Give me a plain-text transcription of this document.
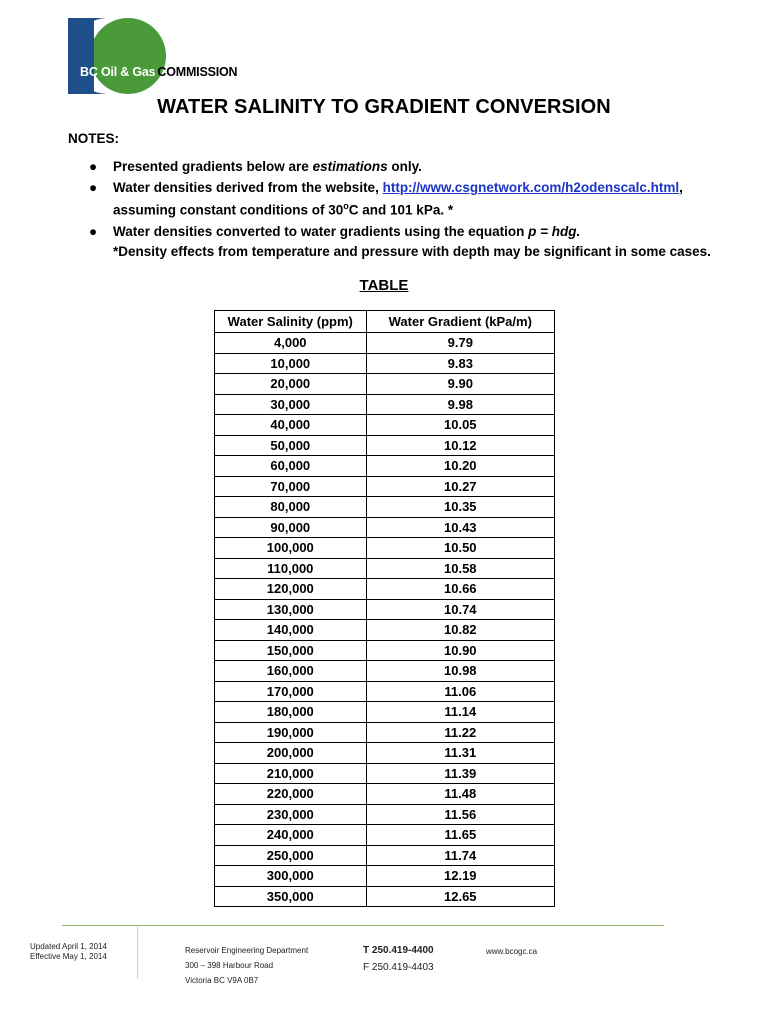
BC Oil & Gas COMMISSION
WATER SALINITY TO GRADIENT CONVERSION
NOTES:
● Presented gradients below are estimations only.
● Water densities derived from the website, http://www.csgnetwork.com/h2odenscalc.html,
assuming constant conditions of 30$^o$C and 101 kPa. *
● Water densities converted to water gradients using the equation p = hdg.
*Density effects from temperature and pressure with depth may be significant in some cases.
TABLE
Water Salinity (ppm)	Water Gradient (kPa/m)
4,000	9.79
10,000	9.83
20,000	9.90
30,000	9.98
40,000	10.05
50,000	10.12
60,000	10.20
70,000	10.27
80,000	10.35
90,000	10.43
100,000	10.50
110,000	10.58
120,000	10.66
130,000	10.74
140,000	10.82
150,000	10.90
160,000	10.98
170,000	11.06
180,000	11.14
190,000	11.22
200,000	11.31
210,000	11.39
220,000	11.48
230,000	11.56
240,000	11.65
250,000	11.74
300,000	12.19
350,000	12.65
Updated April 1, 2014
Effective May 1, 2014
Reservoir Engineering Department
300 – 398 Harbour Road
Victoria BC V9A 0B7
T 250.419-4400
F 250.419-4403
www.bcogc.ca
